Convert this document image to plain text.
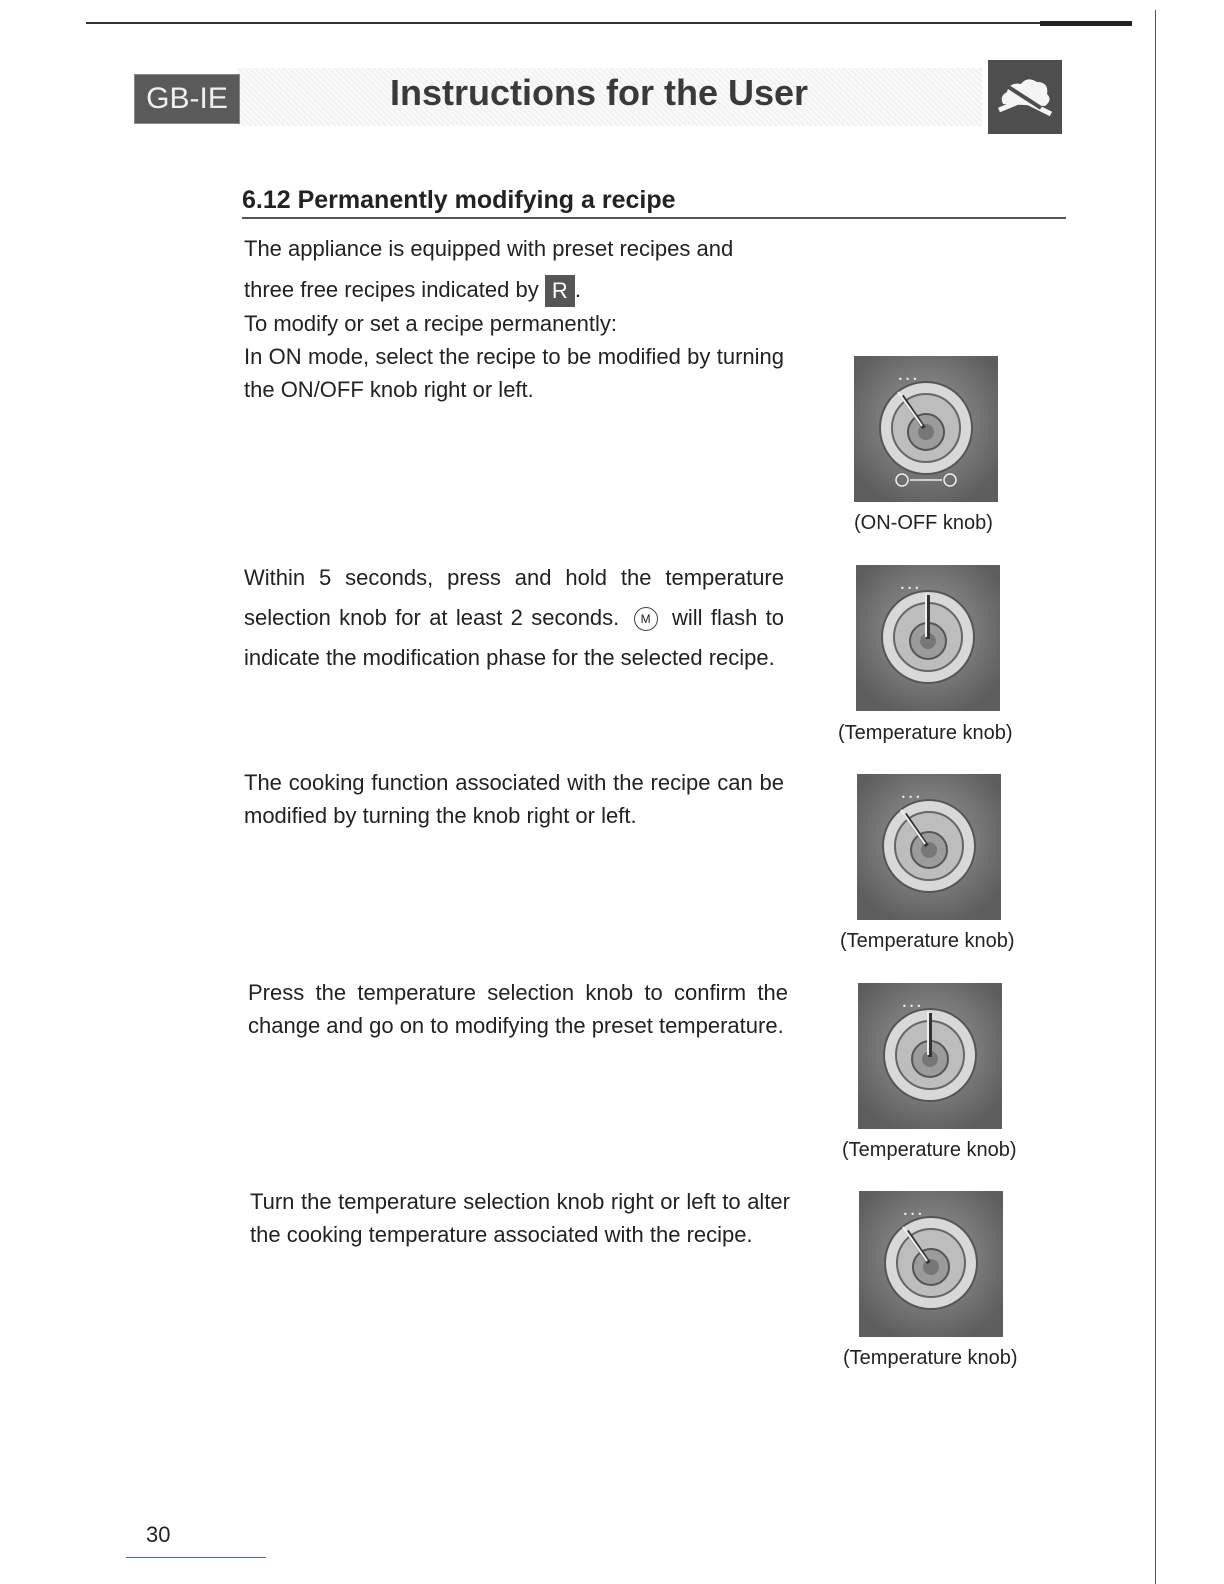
GB-IE	Instructions for the User
6.12 Permanently modifying a recipe

The appliance is equipped with preset recipes and

three free recipes indicated by R .

To modify or set a recipe permanently:

In ON mode, select the recipe to be modified by turning the ON/OFF knob right or left.

Within 5 seconds, press and hold the temperature selection knob for at least 2 seconds. M will flash to indicate the modification phase for the selected recipe.
The cooking function associated with the recipe can be modified by turning the knob right or left.
Press the temperature selection knob to confirm the change and go on to modifying the preset temperature.
Turn the temperature selection knob right or left to alter the cooking temperature associated with the recipe.
• • •
(ON-OFF knob)
• • •
(Temperature knob)
• • •
(Temperature knob)
• • •
(Temperature knob)
• • •
(Temperature knob)
30
